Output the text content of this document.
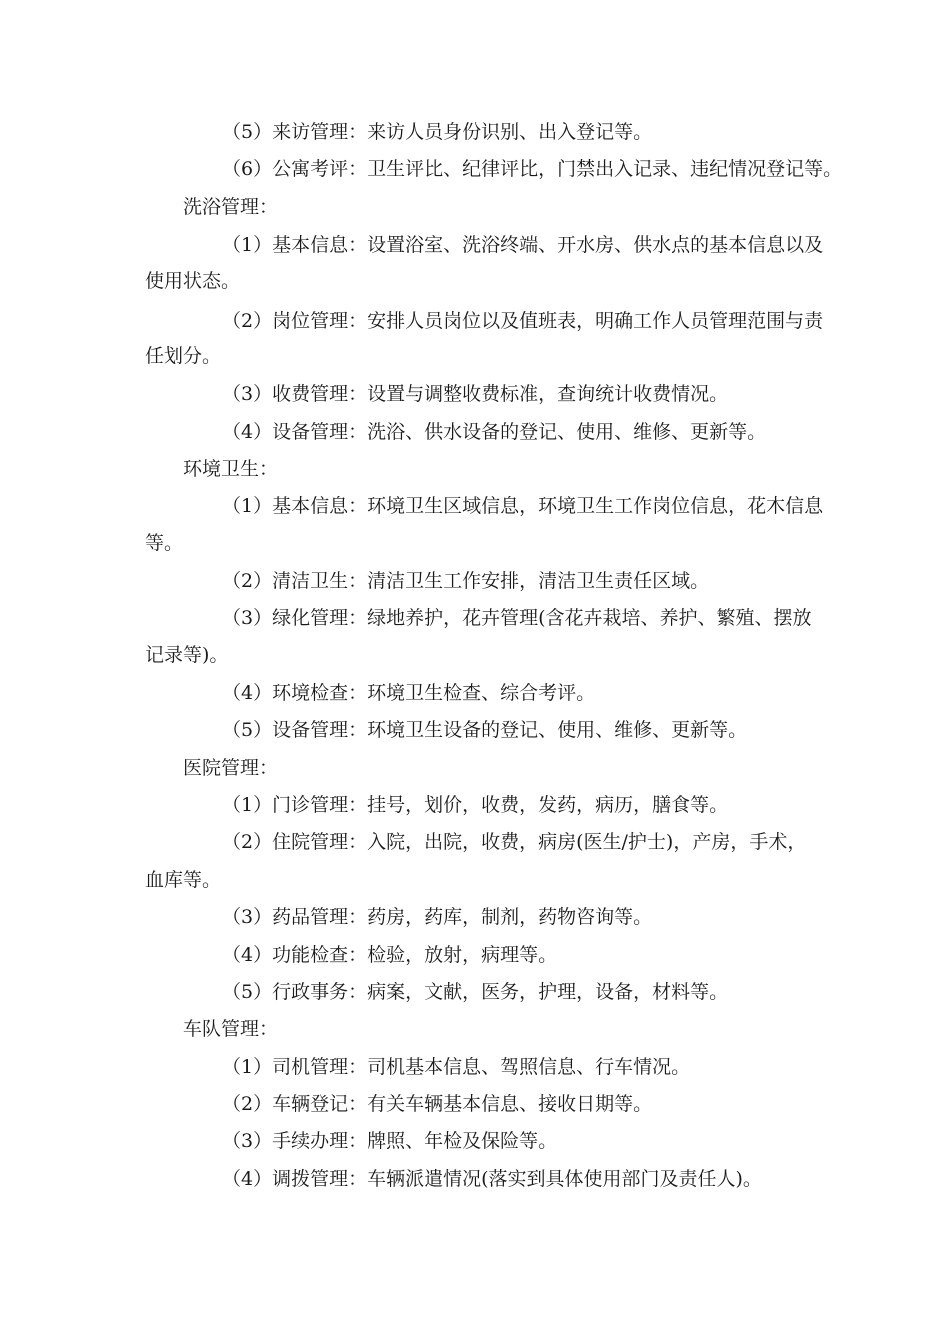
（5）来访管理：来访人员身份识别、出入登记等。
（6）公寓考评：卫生评比、纪律评比，门禁出入记录、违纪情况登记等。
洗浴管理：
（1）基本信息：设置浴室、洗浴终端、开水房、供水点的基本信息以及
使用状态。
（2）岗位管理：安排人员岗位以及值班表，明确工作人员管理范围与责
任划分。
（3）收费管理：设置与调整收费标准，查询统计收费情况。
（4）设备管理：洗浴、供水设备的登记、使用、维修、更新等。
环境卫生：
（1）基本信息：环境卫生区域信息，环境卫生工作岗位信息，花木信息
等。
（2）清洁卫生：清洁卫生工作安排，清洁卫生责任区域。
（3）绿化管理：绿地养护，花卉管理(含花卉栽培、养护、繁殖、摆放
记录等)。
（4）环境检查：环境卫生检查、综合考评。
（5）设备管理：环境卫生设备的登记、使用、维修、更新等。
医院管理：
（1）门诊管理：挂号，划价，收费，发药，病历，膳食等。
（2）住院管理：入院，出院，收费，病房(医生/护士)，产房，手术，
血库等。
（3）药品管理：药房，药库，制剂，药物咨询等。
（4）功能检查：检验，放射，病理等。
（5）行政事务：病案，文献，医务，护理，设备，材料等。
车队管理：
（1）司机管理：司机基本信息、驾照信息、行车情况。
（2）车辆登记：有关车辆基本信息、接收日期等。
（3）手续办理：牌照、年检及保险等。
（4）调拨管理：车辆派遣情况(落实到具体使用部门及责任人)。
